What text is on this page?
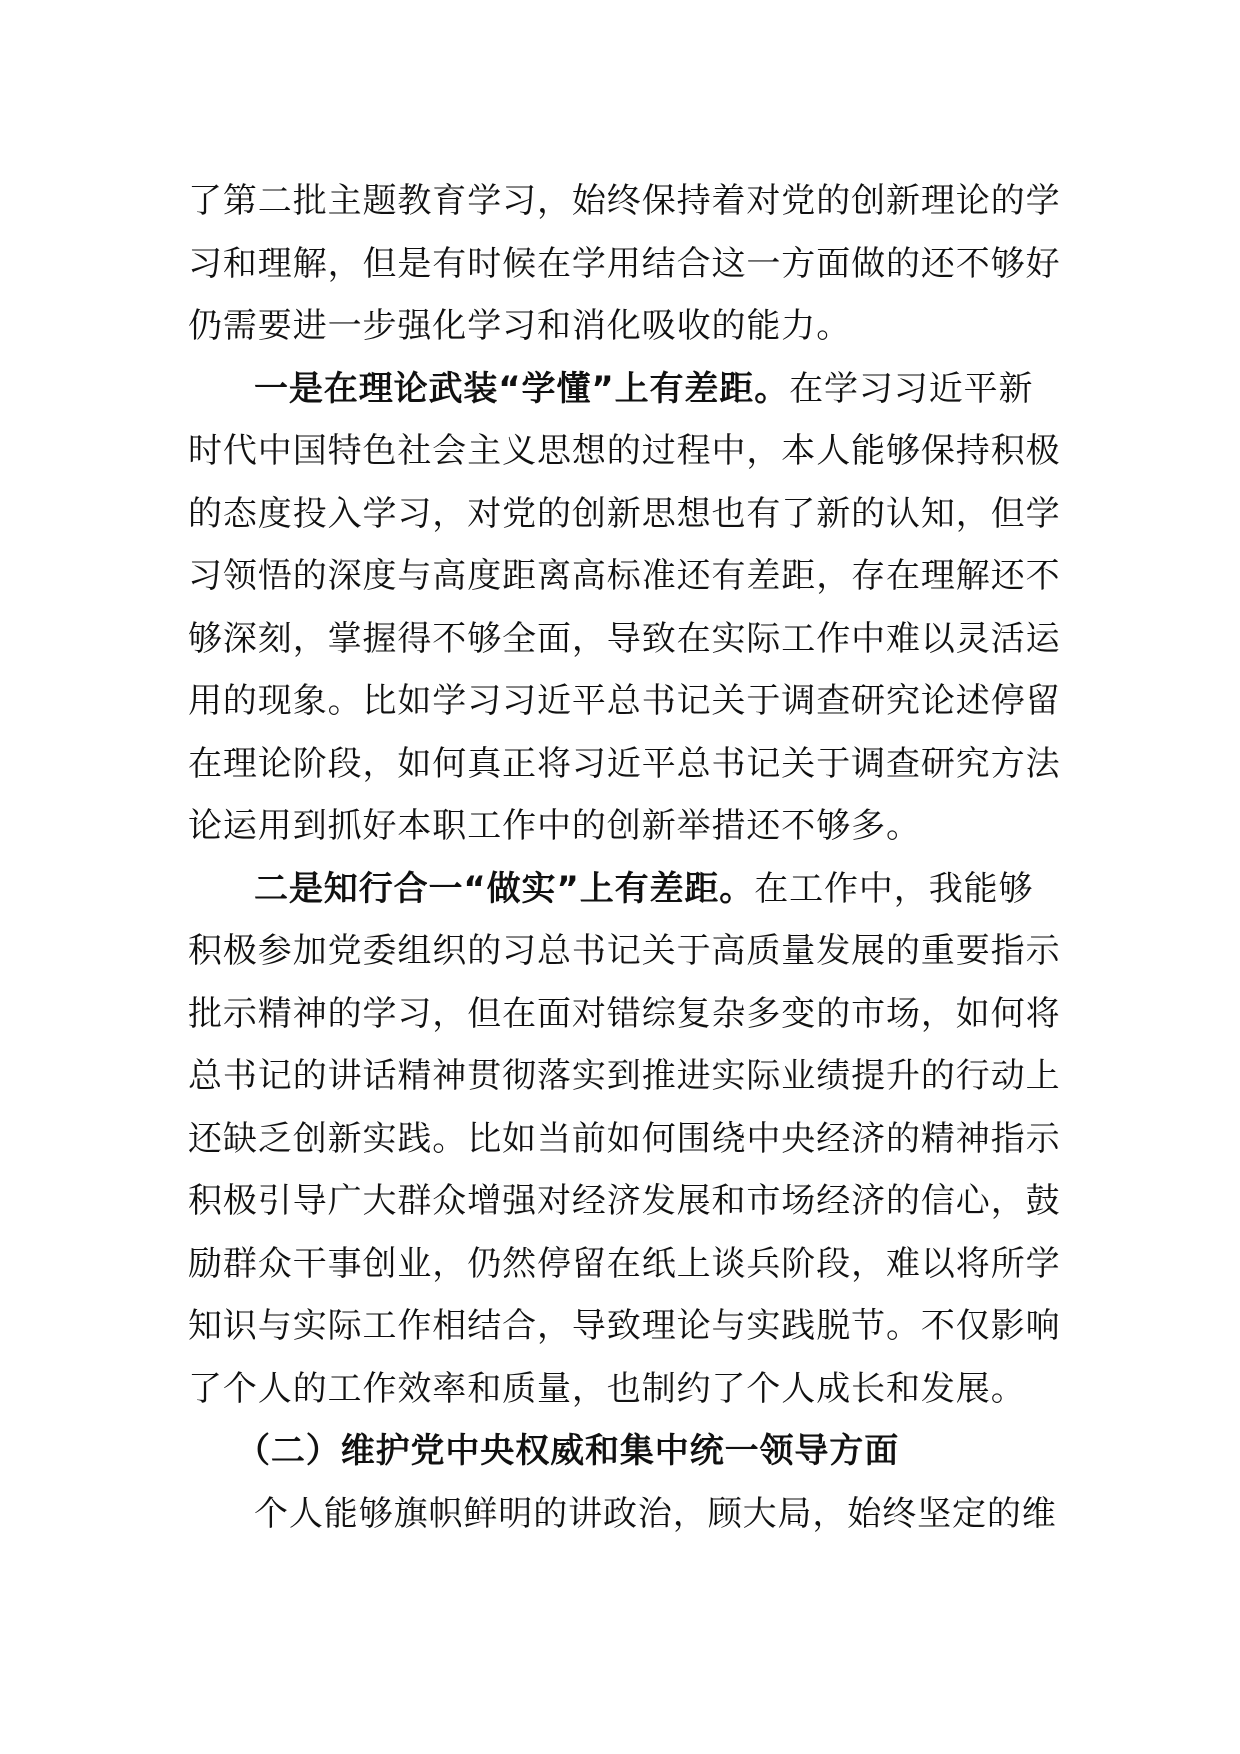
了第二批主题教育学习，始终保持着对党的创新理论的学
习和理解，但是有时候在学用结合这一方面做的还不够好
仍需要进一步强化学习和消化吸收的能力。
一是在理论武装“学懂”上有差距。在学习习近平新
时代中国特色社会主义思想的过程中，本人能够保持积极
的态度投入学习，对党的创新思想也有了新的认知，但学
习领悟的深度与高度距离高标准还有差距，存在理解还不
够深刻，掌握得不够全面，导致在实际工作中难以灵活运
用的现象。比如学习习近平总书记关于调查研究论述停留
在理论阶段，如何真正将习近平总书记关于调查研究方法
论运用到抓好本职工作中的创新举措还不够多。
二是知行合一“做实”上有差距。在工作中，我能够
积极参加党委组织的习总书记关于高质量发展的重要指示
批示精神的学习，但在面对错综复杂多变的市场，如何将
总书记的讲话精神贯彻落实到推进实际业绩提升的行动上
还缺乏创新实践。比如当前如何围绕中央经济的精神指示
积极引导广大群众增强对经济发展和市场经济的信心，鼓
励群众干事创业，仍然停留在纸上谈兵阶段，难以将所学
知识与实际工作相结合，导致理论与实践脱节。不仅影响
了个人的工作效率和质量，也制约了个人成长和发展。
（二）维护党中央权威和集中统一领导方面
个人能够旗帜鲜明的讲政治，顾大局，始终坚定的维
